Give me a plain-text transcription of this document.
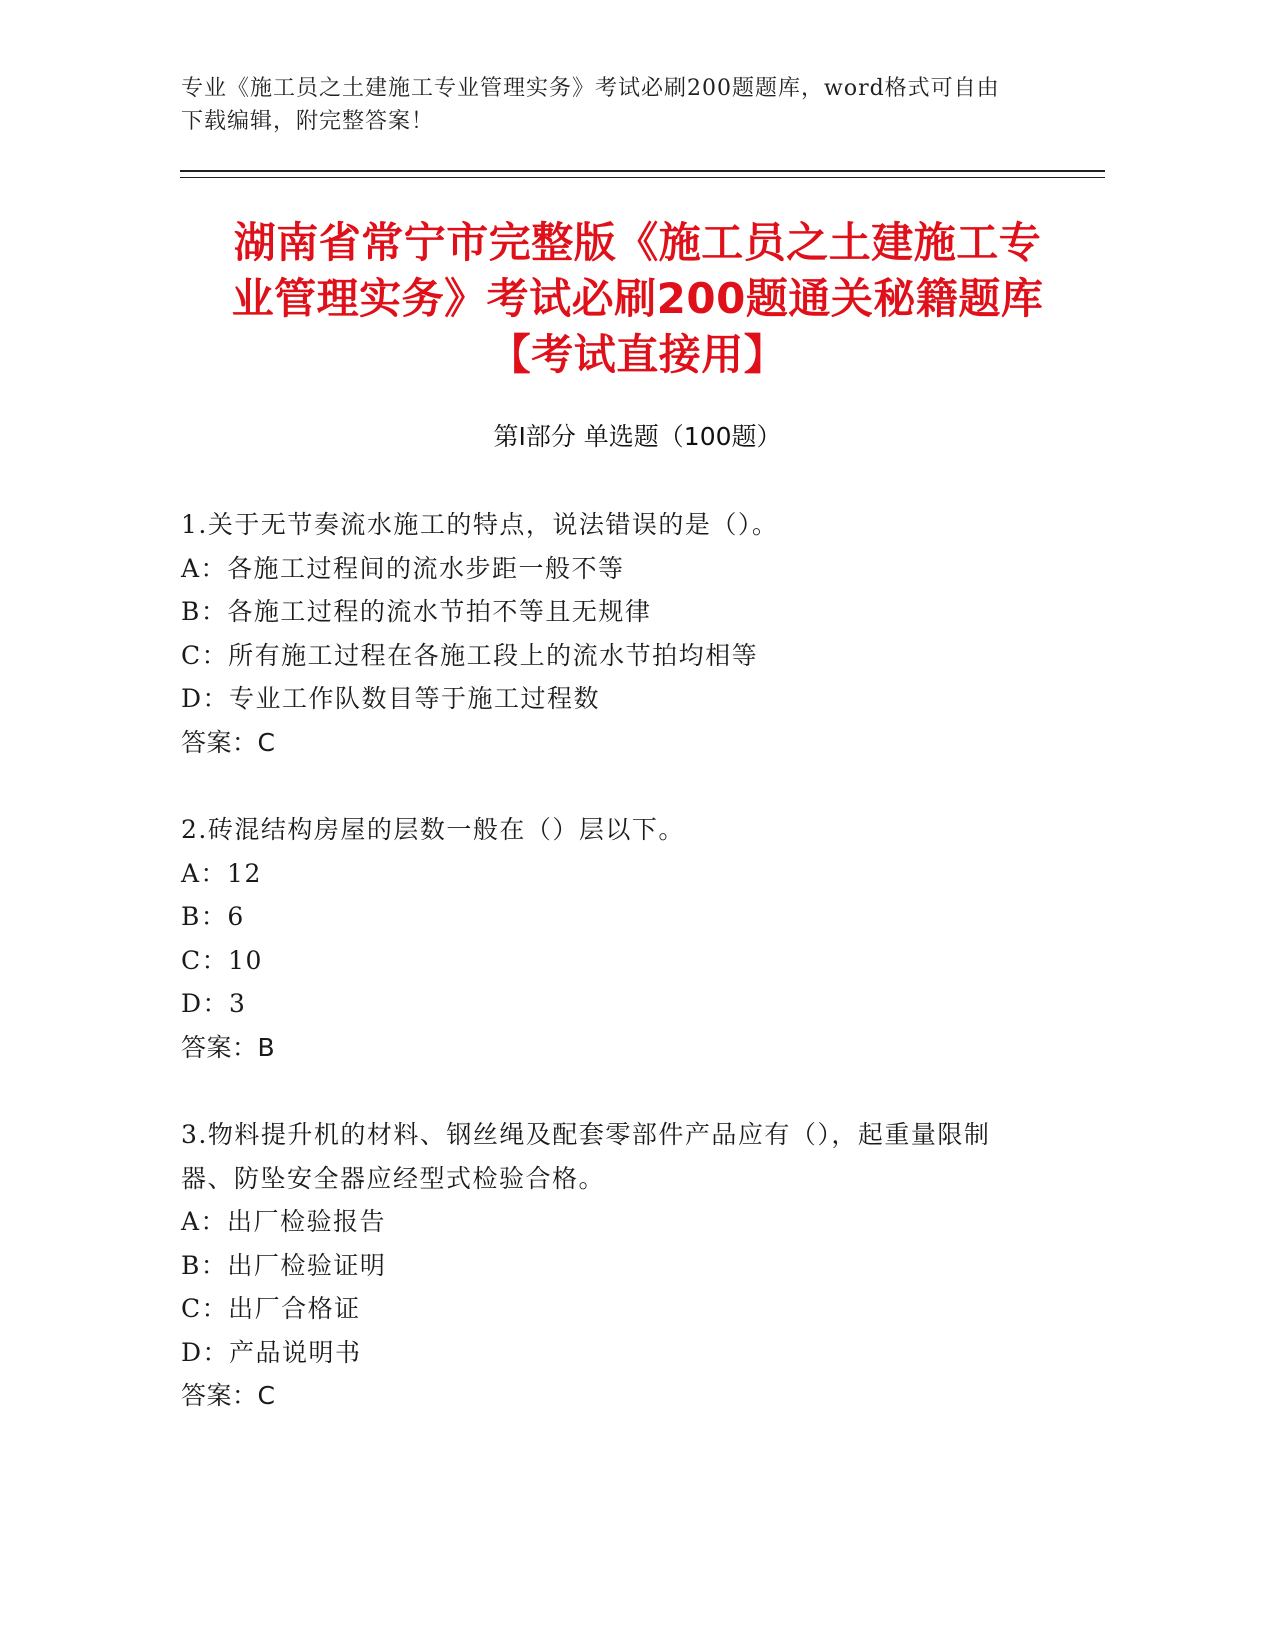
专业《施工员之土建施工专业管理实务》考试必刷200题题库，word格式可自由
下载编辑，附完整答案！
湖南省常宁市完整版《施工员之土建施工专
业管理实务》考试必刷200题通关秘籍题库
【考试直接用】
第Ⅰ部分 单选题（100题）
1.关于无节奏流水施工的特点，说法错误的是（）。
A：各施工过程间的流水步距一般不等
B：各施工过程的流水节拍不等且无规律
C：所有施工过程在各施工段上的流水节拍均相等
D：专业工作队数目等于施工过程数
答案：C
2.砖混结构房屋的层数一般在（）层以下。
A：12
B：6
C：10
D：3
答案：B
3.物料提升机的材料、钢丝绳及配套零部件产品应有（），起重量限制器、防坠安全器应经型式检验合格。
A：出厂检验报告
B：出厂检验证明
C：出厂合格证
D：产品说明书
答案：C
